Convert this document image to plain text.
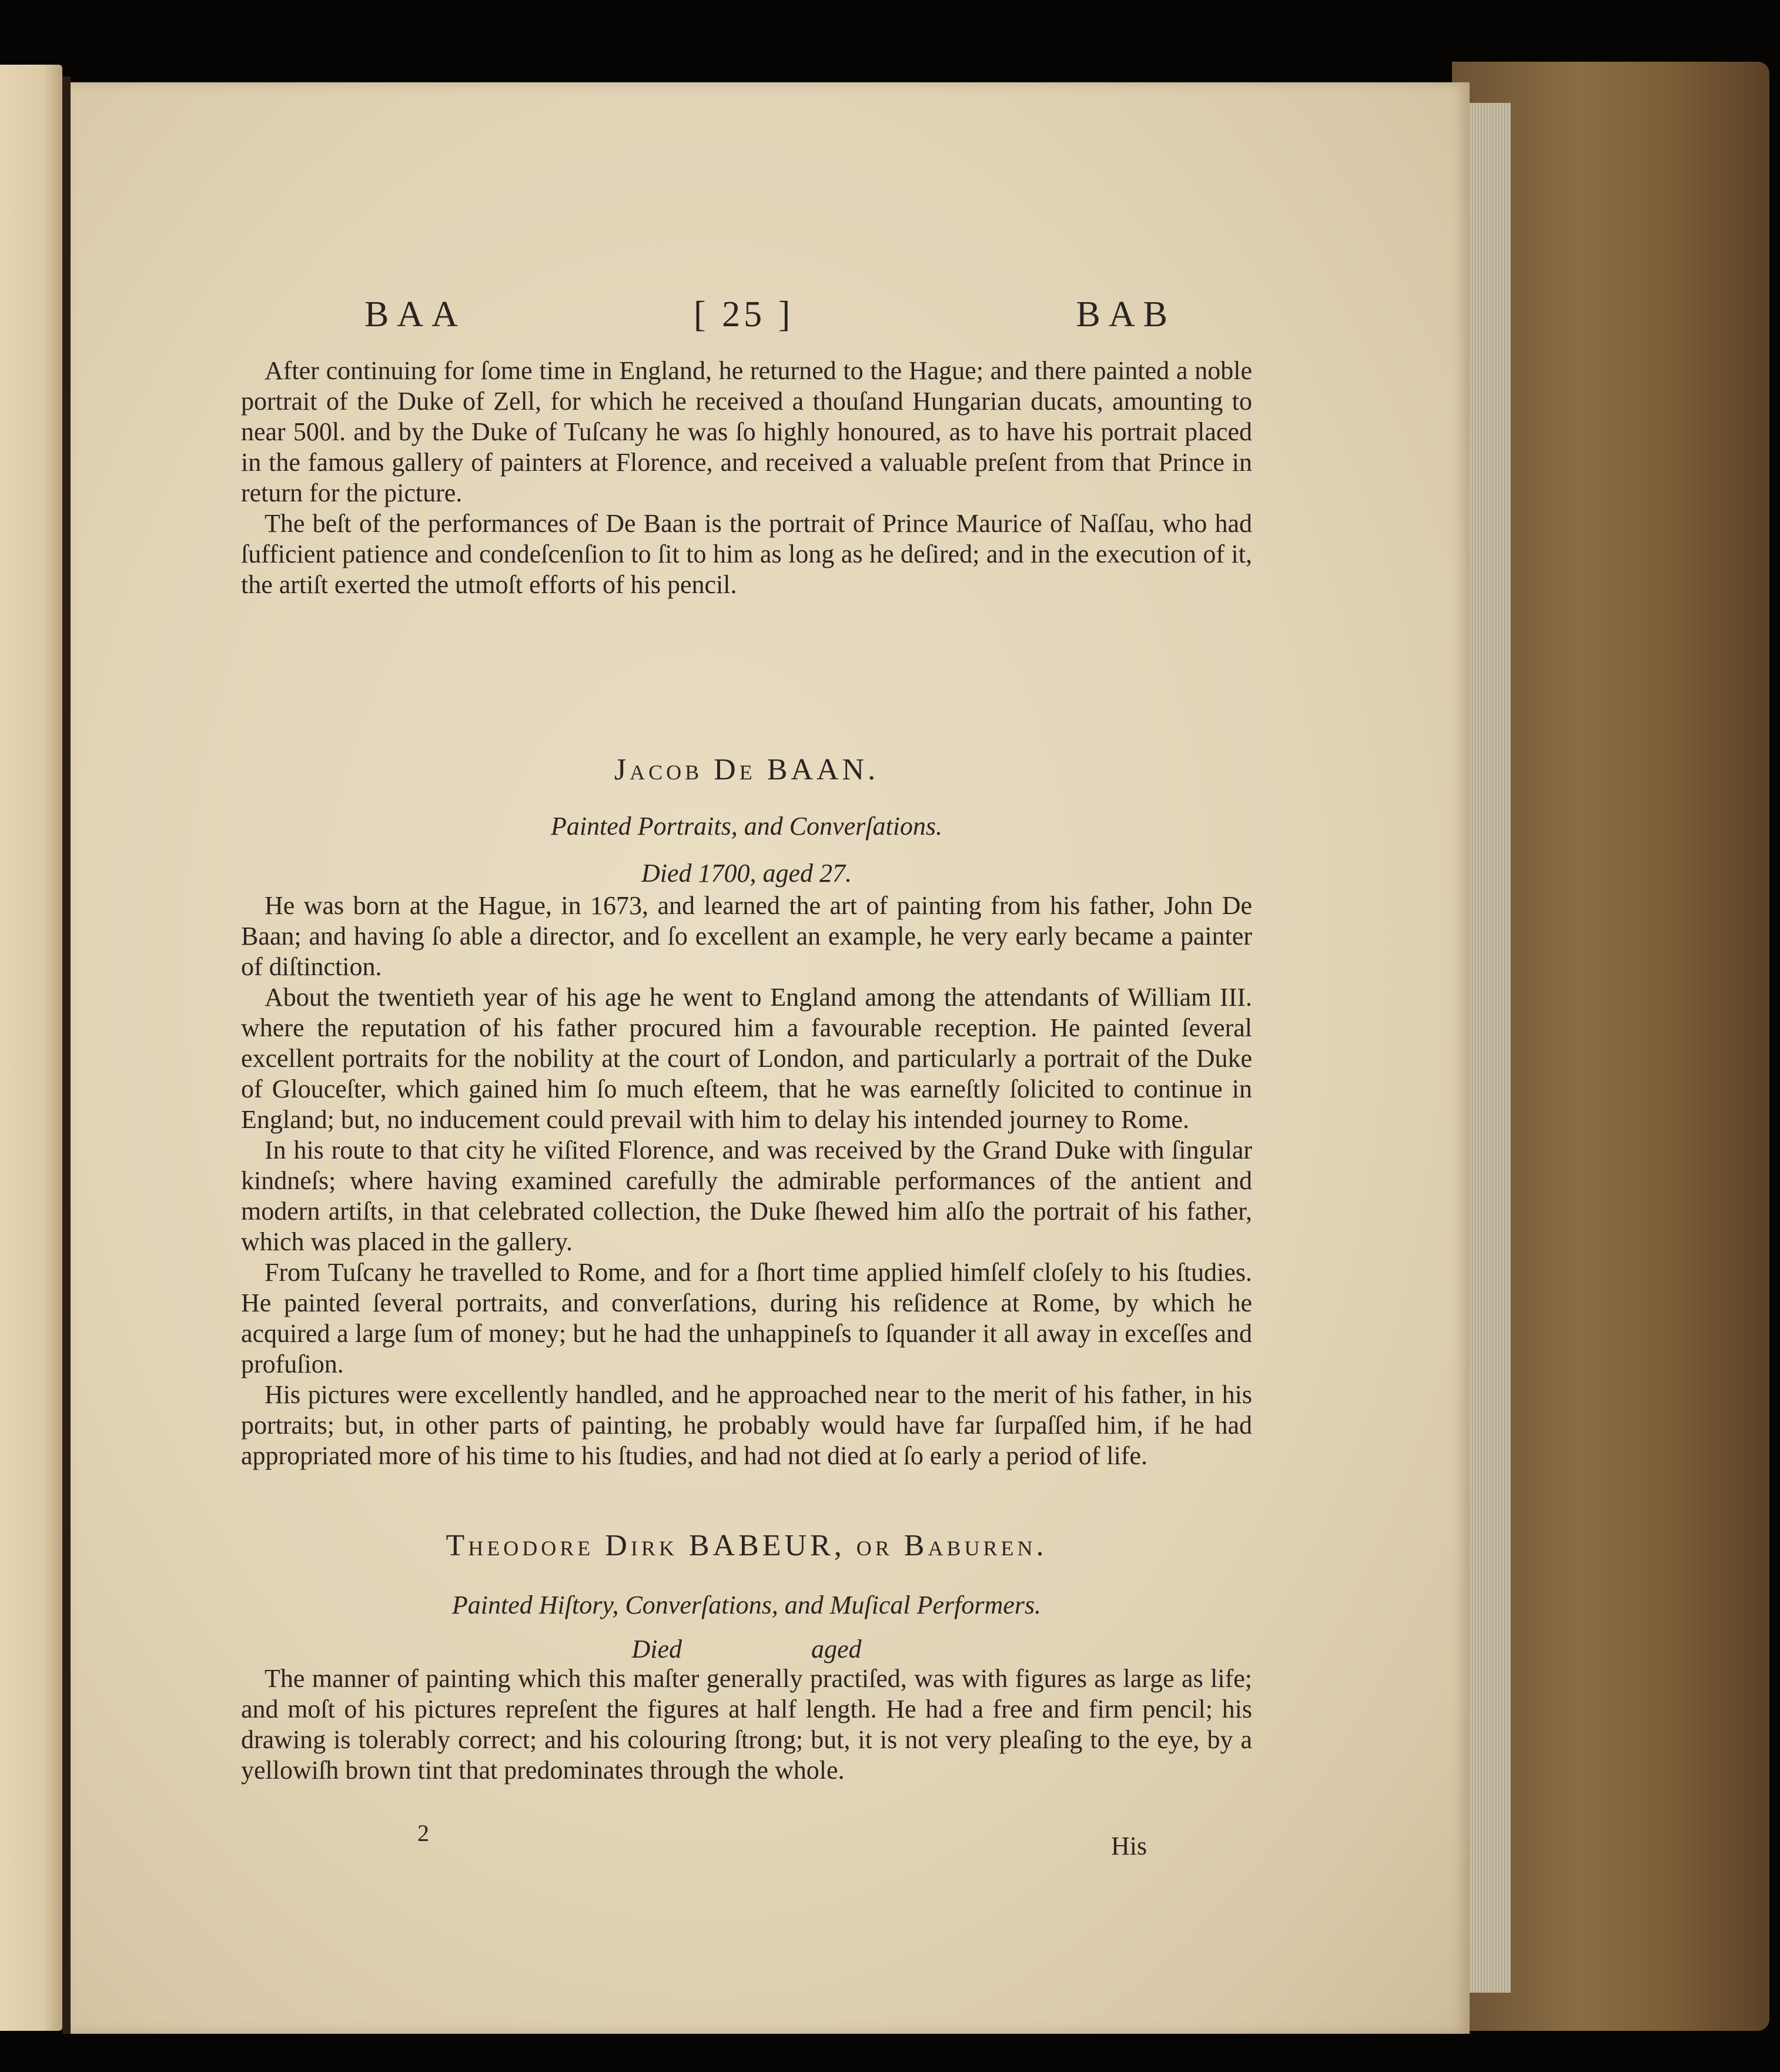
BAA	[ 25 ]	BAB

After continuing for ſome time in England, he returned to the Hague; and there painted a noble portrait of the Duke of Zell, for which he received a thouſand Hungarian ducats, amounting to near 500l. and by the Duke of Tuſcany he was ſo highly honoured, as to have his portrait placed in the famous gallery of painters at Florence, and received a valuable preſent from that Prince in return for the picture.

The beſt of the performances of De Baan is the portrait of Prince Maurice of Naſſau, who had ſufficient patience and condeſcenſion to ſit to him as long as he deſired; and in the execution of it, the artiſt exerted the utmoſt efforts of his pencil.

Jacob De BAAN.
Painted Portraits, and Converſations.
Died 1700, aged 27.

He was born at the Hague, in 1673, and learned the art of painting from his father, John De Baan; and having ſo able a director, and ſo excellent an example, he very early became a painter of diſtinction.

About the twentieth year of his age he went to England among the attendants of William III. where the reputation of his father procured him a favourable reception. He painted ſeveral excellent portraits for the nobility at the court of London, and particularly a portrait of the Duke of Glouceſter, which gained him ſo much eſteem, that he was earneſtly ſolicited to continue in England; but, no inducement could prevail with him to delay his intended journey to Rome.

In his route to that city he viſited Florence, and was received by the Grand Duke with ſingular kindneſs; where having examined carefully the admirable performances of the antient and modern artiſts, in that celebrated collection, the Duke ſhewed him alſo the portrait of his father, which was placed in the gallery.

From Tuſcany he travelled to Rome, and for a ſhort time applied himſelf cloſely to his ſtudies. He painted ſeveral portraits, and converſations, during his reſidence at Rome, by which he acquired a large ſum of money; but he had the unhappineſs to ſquander it all away in exceſſes and profuſion.

His pictures were excellently handled, and he approached near to the merit of his father, in his portraits; but, in other parts of painting, he probably would have far ſurpaſſed him, if he had appropriated more of his time to his ſtudies, and had not died at ſo early a period of life.

Theodore Dirk BABEUR, or Baburen.
Painted Hiſtory, Converſations, and Muſical Performers.
Died	aged

The manner of painting which this maſter generally practiſed, was with figures as large as life; and moſt of his pictures repreſent the figures at half length. He had a free and firm pencil; his drawing is tolerably correct; and his colouring ſtrong; but, it is not very pleaſing to the eye, by a yellowiſh brown tint that predominates through the whole.

2	His
